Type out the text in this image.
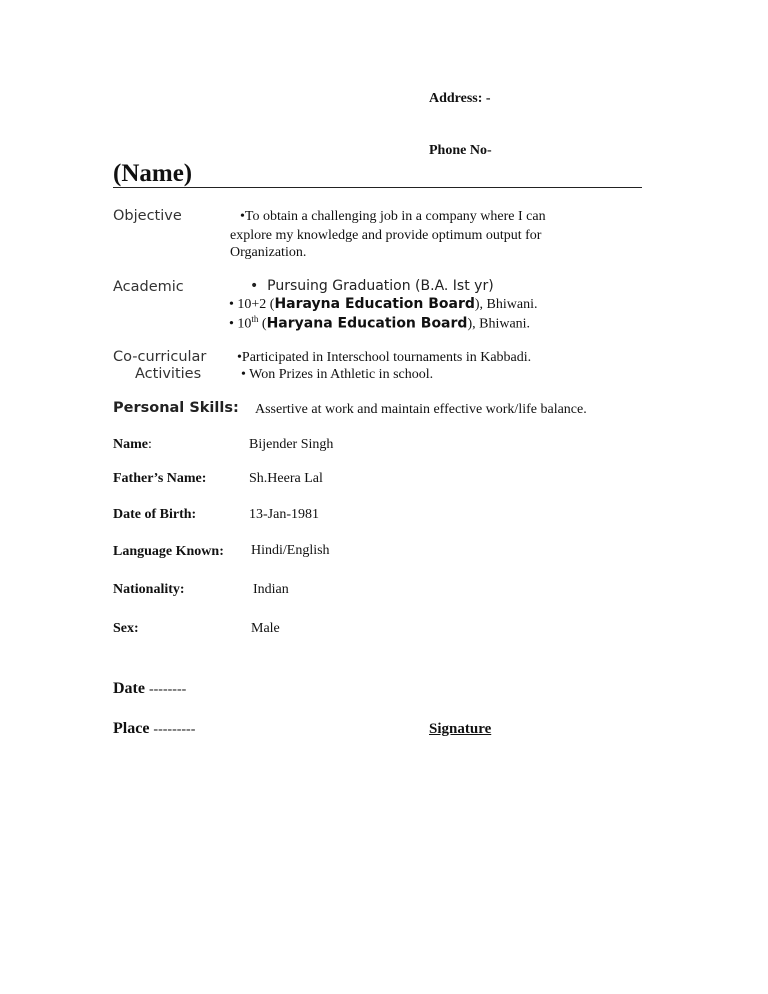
Address: -
Phone No-
(Name)
Objective	•To obtain a challenging job in a company where I can
explore my knowledge and provide optimum output for
Organization.
Academic	• Pursuing Graduation (B.A. Ist yr)
• 10+2 (Harayna Education Board), Bhiwani.
• 10th (Haryana Education Board), Bhiwani.
Co-curricular
Activities
•Participated in Interschool tournaments in Kabbadi.
• Won Prizes in Athletic in school.
Personal Skills: Assertive at work and maintain effective work/life balance.
Name:	Bijender Singh
Father’s Name:	Sh.Heera Lal
Date of Birth:	13-Jan-1981
Language Known: Hindi/English
Nationality:	Indian
Sex:	Male
Date --------
Place ---------	Signature
